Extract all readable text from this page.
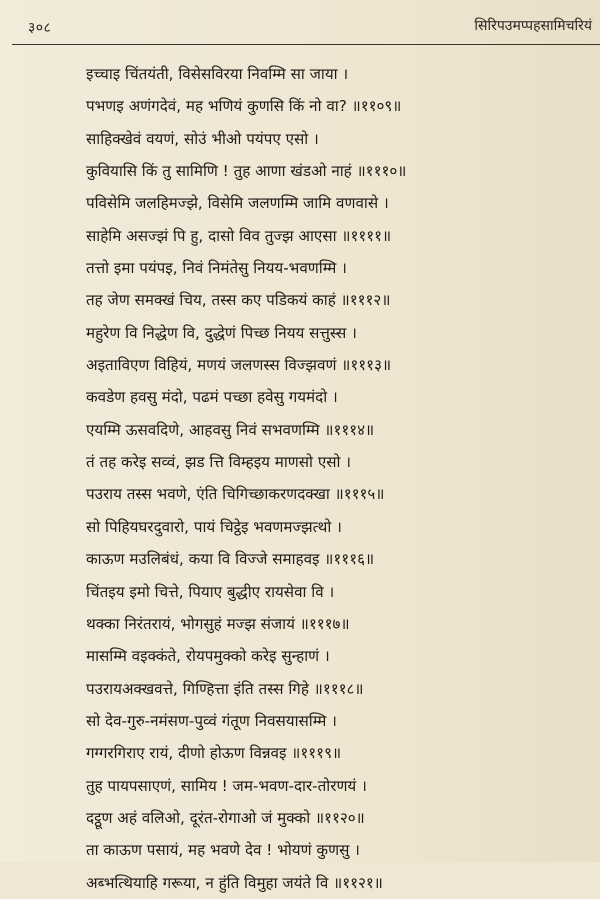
३०८	सिरिपउमप्पहसामिचरियं
इच्चाइ चिंतयंती, विसेसविरया निवम्मि सा जाया ।
पभणइ अणंगदेवं, मह भणियं कुणसि किं नो वा? ॥११०९॥
साहिक्खेवं वयणं, सोउं भीओ पयंपए एसो ।
कुवियासि किं तु सामिणि ! तुह आणा खंडओ नाहं ॥१११०॥
पविसेमि जलहिमज्झे, विसेमि जलणम्मि जामि वणवासे ।
साहेमि असज्झं पि हु, दासो विव तुज्झ आएसा ॥११११॥
तत्तो इमा पयंपइ, निवं निमंतेसु नियय-भवणम्मि ।
तह जेण समक्खं चिय, तस्स कए पडिकयं काहं ॥१११२॥
महुरेण वि निद्धेण वि, दुद्धेणं पिच्छ नियय सत्तुस्स ।
अइताविएण विहियं, मणयं जलणस्स विज्झवणं ॥१११३॥
कवडेण हवसु मंदो, पढमं पच्छा हवेसु गयमंदो ।
एयम्मि ऊसवदिणे, आहवसु निवं सभवणम्मि ॥१११४॥
तं तह करेइ सव्वं, झड त्ति विम्हइय माणसो एसो ।
पउराय तस्स भवणे, एंति चिगिच्छाकरणदक्खा ॥१११५॥
सो पिहियघरदुवारो, पायं चिट्ठेइ भवणमज्झत्थो ।
काऊण मउलिबंधं, कया वि विज्जे समाहवइ ॥१११६॥
चिंतइय इमो चित्ते, पियाए बुद्धीए रायसेवा वि ।
थक्का निरंतरायं, भोगसुहं मज्झ संजायं ॥१११७॥
मासम्मि वइक्कंते, रोयपमुक्को करेइ सुन्हाणं ।
पउरायअक्खवत्ते, गिण्हित्ता इंति तस्स गिहे ॥१११८॥
सो देव-गुरु-नमंसण-पुव्वं गंतूण निवसयासम्मि ।
गग्गरगिराए रायं, दीणो होऊण विन्नवइ ॥१११९॥
तुह पायपसाएणं, सामिय ! जम-भवण-दार-तोरणयं ।
दट्ठूण अहं वलिओ, दूरंत-रोगाओ जं मुक्को ॥११२०॥
ता काऊण पसायं, मह भवणे देव ! भोयणं कुणसु ।
अब्भत्थियाहि गरूया, न हुंति विमुहा जयंते वि ॥११२१॥
